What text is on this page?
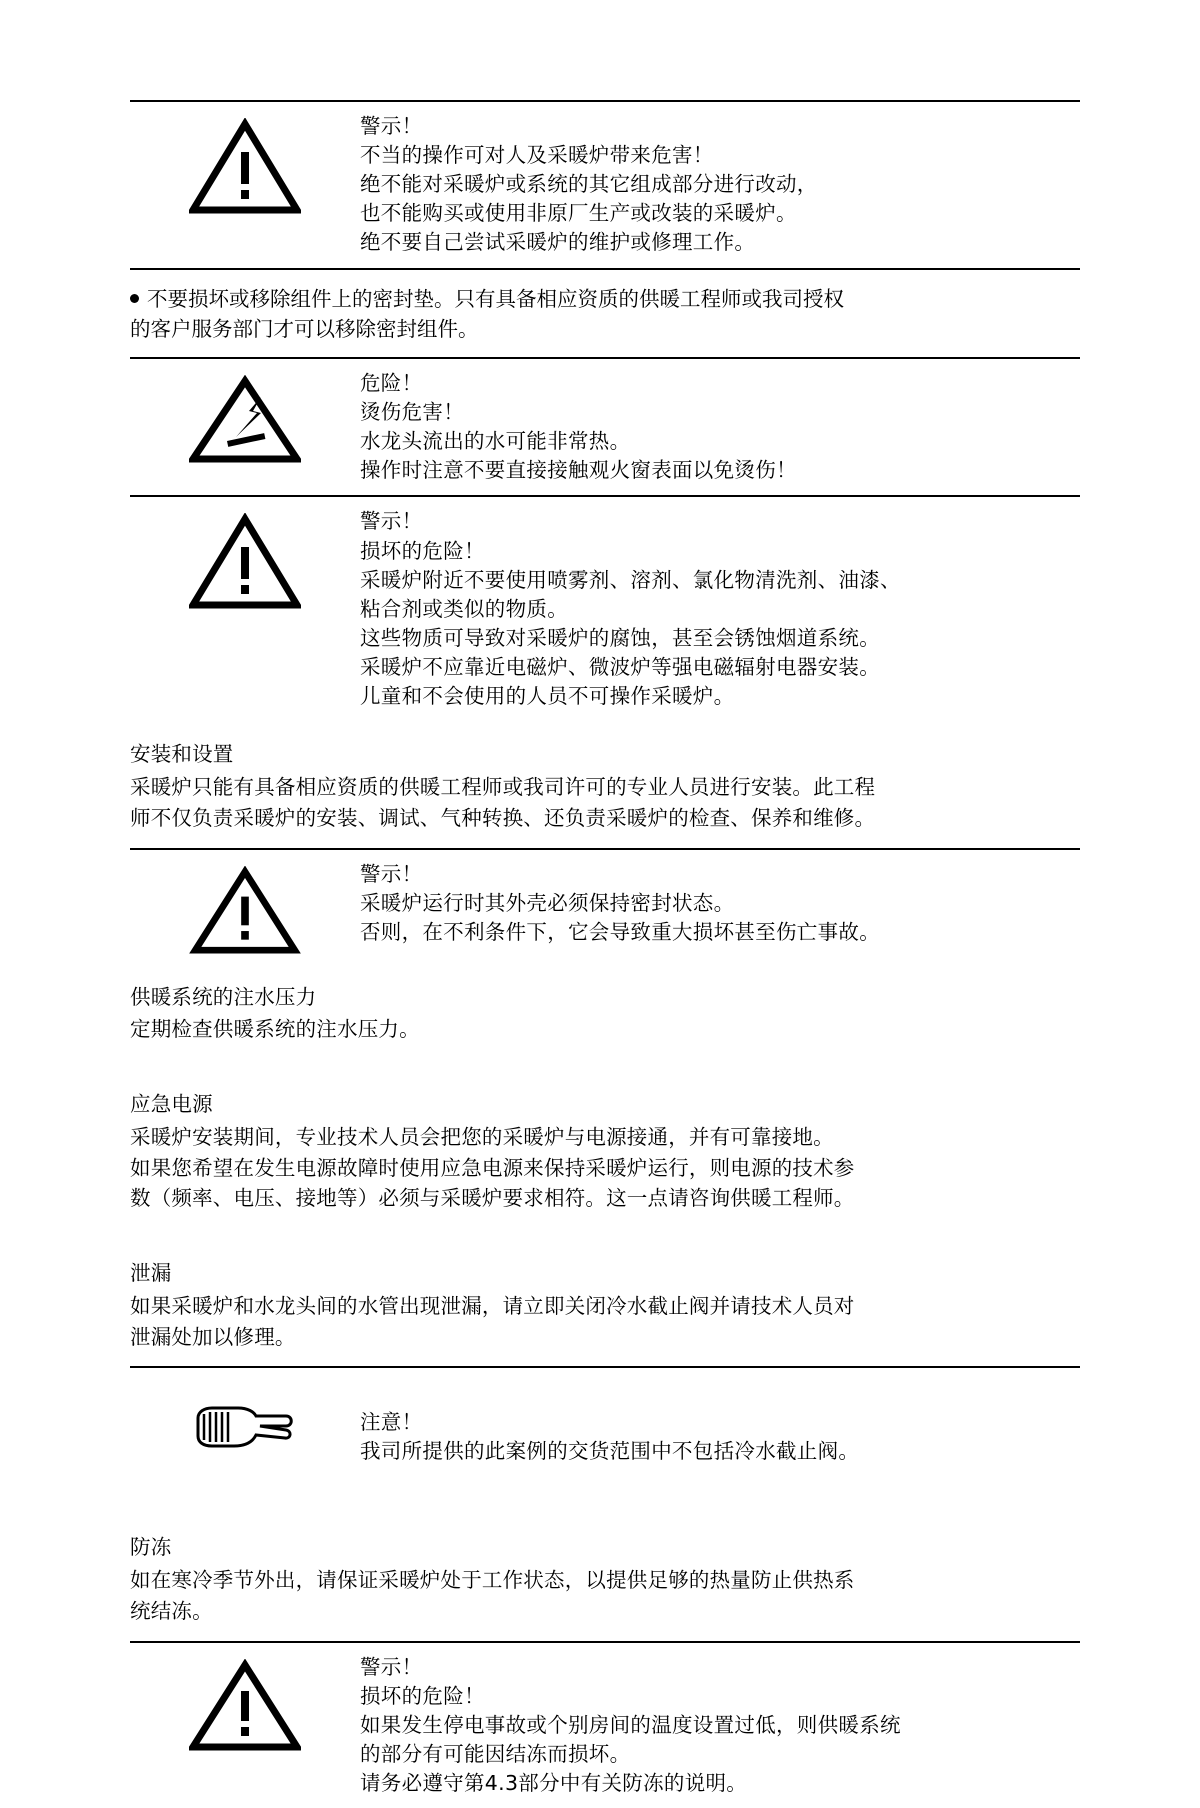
警示！
不当的操作可对人及采暖炉带来危害！
绝不能对采暖炉或系统的其它组成部分进行改动，
也不能购买或使用非原厂生产或改装的采暖炉。
绝不要自己尝试采暖炉的维护或修理工作。
不要损坏或移除组件上的密封垫。只有具备相应资质的供暖工程师或我司授权
的客户服务部门才可以移除密封组件。
危险！
烫伤危害！
水龙头流出的水可能非常热。
操作时注意不要直接接触观火窗表面以免烫伤！
警示！
损坏的危险！
采暖炉附近不要使用喷雾剂、溶剂、氯化物清洗剂、油漆、
粘合剂或类似的物质。
这些物质可导致对采暖炉的腐蚀，甚至会锈蚀烟道系统。
采暖炉不应靠近电磁炉、微波炉等强电磁辐射电器安装。
儿童和不会使用的人员不可操作采暖炉。
安装和设置
采暖炉只能有具备相应资质的供暖工程师或我司许可的专业人员进行安装。此工程
师不仅负责采暖炉的安装、调试、气种转换、还负责采暖炉的检查、保养和维修。
警示！
采暖炉运行时其外壳必须保持密封状态。
否则，在不利条件下，它会导致重大损坏甚至伤亡事故。
供暖系统的注水压力
定期检查供暖系统的注水压力。
应急电源
采暖炉安装期间，专业技术人员会把您的采暖炉与电源接通，并有可靠接地。
如果您希望在发生电源故障时使用应急电源来保持采暖炉运行，则电源的技术参
数（频率、电压、接地等）必须与采暖炉要求相符。这一点请咨询供暖工程师。
泄漏
如果采暖炉和水龙头间的水管出现泄漏，请立即关闭冷水截止阀并请技术人员对
泄漏处加以修理。
注意！
我司所提供的此案例的交货范围中不包括冷水截止阀。
防冻
如在寒冷季节外出，请保证采暖炉处于工作状态，以提供足够的热量防止供热系
统结冻。
警示！
损坏的危险！
如果发生停电事故或个别房间的温度设置过低，则供暖系统
的部分有可能因结冻而损坏。
请务必遵守第4.3部分中有关防冻的说明。
